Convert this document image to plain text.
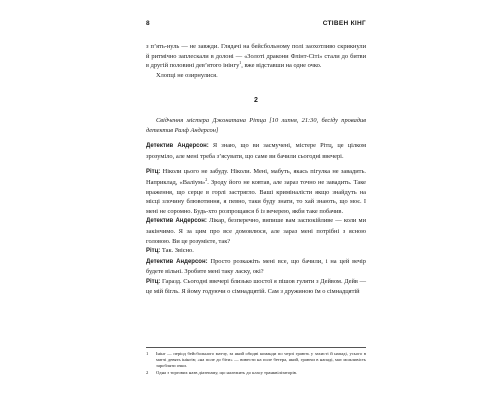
8	СТІВЕН КІНГ

з п’ять-нуль — не завжди. Глядачі на бейсбольному полі заохотливо скрикнули й ритмічно заплескали в долоні — «Золоті дракони Флінт-Сіті» стали до битви в другій половині дев’ятого інінгу$^1$, вже відставши на одне очко.

Хлопці не озирнулися.

2

Свідчення містера Джонатана Рітца [10 липня, 21:30, бесіду провадив детектив Ралф Андерсон]

Детектив Андерсон: Я знаю, що ви засмучені, містере Рітц, це цілком зрозуміло, але мені треба з’ясувати, що саме ви бачили сьогодні ввечері.

Рітц: Ніколи цього не забуду. Ніколи. Мені, мабуть, якась пігулка не завадить. Наприклад, «Валіум»$^2$. Зроду його не ковтав, але зараз точно не завадить. Таке враження, що серце в горлі застрягло. Ваші криміналісти якщо знайдуть на місці злочину блювотиння, я певно, таки буду знати, то хай знають, що моє. І мені не соромно. Будь-хто розпрощався б із вечерею, якби таке побачив.

Детектив Андерсон: Лікар, безперечно, випише вам заспокійливе — коли ми закінчимо. Я за цим про все домовлюся, але зараз мені потрібні з ясною головою. Ви це розумієте, так?

Рітц: Так. Звісно.

Детектив Андерсон: Просто розкажіть мені все, що бачили, і на цей вечір будете вільні. Зробите мені таку ласку, окі?

Рітц: Гаразд. Сьогодні ввечері близько шостої я пішов гуляти з Дейвом. Дейв — це мій бігль. Я йому годуючи о сімнадцятій. Сам з дружиною їм о сімнадцятій

1	Інінг — період бейсбольного матчу, за який обидві команди по черзі грають у захисті й нападі, усього в матчі девять інінгів; «на поле до біти» — вивести на поле бетера, який, граючи в нападі, має можливість заробляти очки.
2	Одна з торгових назв діазепаму, що належить до класу транквілізаторів.
